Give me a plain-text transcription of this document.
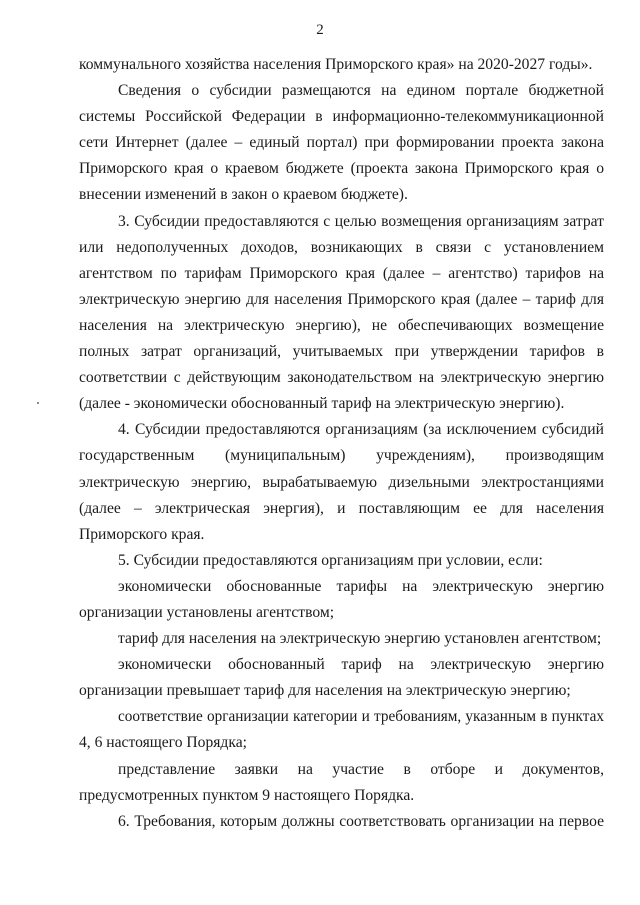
2
коммунального хозяйства населения Приморского края» на 2020-2027 годы».
Сведения о субсидии размещаются на едином портале бюджетной
системы Российской Федерации в информационно-телекоммуникационной
сети Интернет (далее – единый портал) при формировании проекта закона
Приморского края о краевом бюджете (проекта закона Приморского края о
внесении изменений в закон о краевом бюджете).
3. Субсидии предоставляются с целью возмещения организациям затрат
или недополученных доходов, возникающих в связи с установлением
агентством по тарифам Приморского края (далее – агентство) тарифов на
электрическую энергию для населения Приморского края (далее – тариф для
населения на электрическую энергию), не обеспечивающих возмещение
полных затрат организаций, учитываемых при утверждении тарифов в
соответствии с действующим законодательством на электрическую энергию
(далее - экономически обоснованный тариф на электрическую энергию).
4. Субсидии предоставляются организациям (за исключением субсидий
государственным (муниципальным) учреждениям), производящим
электрическую энергию, вырабатываемую дизельными электростанциями
(далее – электрическая энергия), и поставляющим ее для населения
Приморского края.
5. Субсидии предоставляются организациям при условии, если:
экономически обоснованные тарифы на электрическую энергию
организации установлены агентством;
тариф для населения на электрическую энергию установлен агентством;
экономически обоснованный тариф на электрическую энергию
организации превышает тариф для населения на электрическую энергию;
соответствие организации категории и требованиям, указанным в пунктах
4, 6 настоящего Порядка;
представление заявки на участие в отборе и документов,
предусмотренных пунктом 9 настоящего Порядка.
6. Требования, которым должны соответствовать организации на первое
